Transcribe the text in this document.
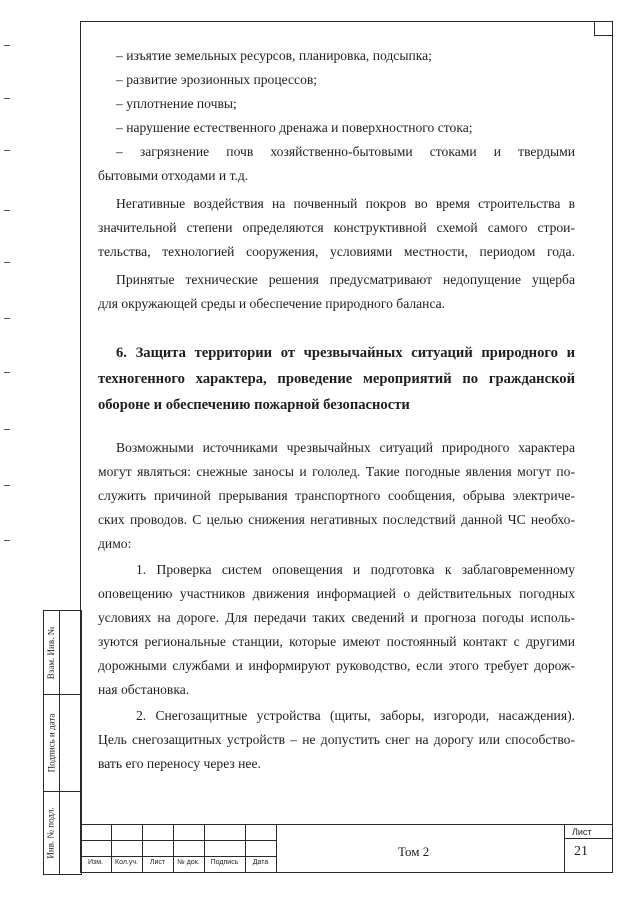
– изъятие земельных ресурсов, планировка, подсыпка;
– развитие эрозионных процессов;
– уплотнение почвы;
– нарушение естественного дренажа и поверхностного стока;
– загрязнение почв хозяйственно-бытовыми стоками и твердыми
бытовыми отходами и т.д.
Негативные воздействия на почвенный покров во время строительства в
значительной степени определяются конструктивной схемой самого строи-
тельства, технологией сооружения, условиями местности, периодом года.
Принятые технические решения предусматривают недопущение ущерба
для окружающей среды и обеспечение природного баланса.
6. Защита территории от чрезвычайных ситуаций природного и
техногенного характера, проведение мероприятий по гражданской
обороне и обеспечению пожарной безопасности
Возможными источниками чрезвычайных ситуаций природного характера
могут являться: снежные заносы и гололед. Такие погодные явления могут по-
служить причиной прерывания транспортного сообщения, обрыва электриче-
ских проводов. С целью снижения негативных последствий данной ЧС необхо-
димо:
1. Проверка систем оповещения и подготовка к заблаговременному
оповещению участников движения информацией о действительных погодных
условиях на дороге. Для передачи таких сведений и прогноза погоды исполь-
зуются региональные станции, которые имеют постоянный контакт с другими
дорожными службами и информируют руководство, если этого требует дорож-
ная обстановка.
2. Снегозащитные устройства (щиты, заборы, изгороди, насаждения).
Цель снегозащитных устройств – не допустить снег на дорогу или способство-
вать его переносу через нее.
Взам. Инв. №
Подпись и дата
Инв. № подл.
Изм.	Кол.уч.	Лист	№ док.	Подпись	Дата
Том 2
Лист
21
